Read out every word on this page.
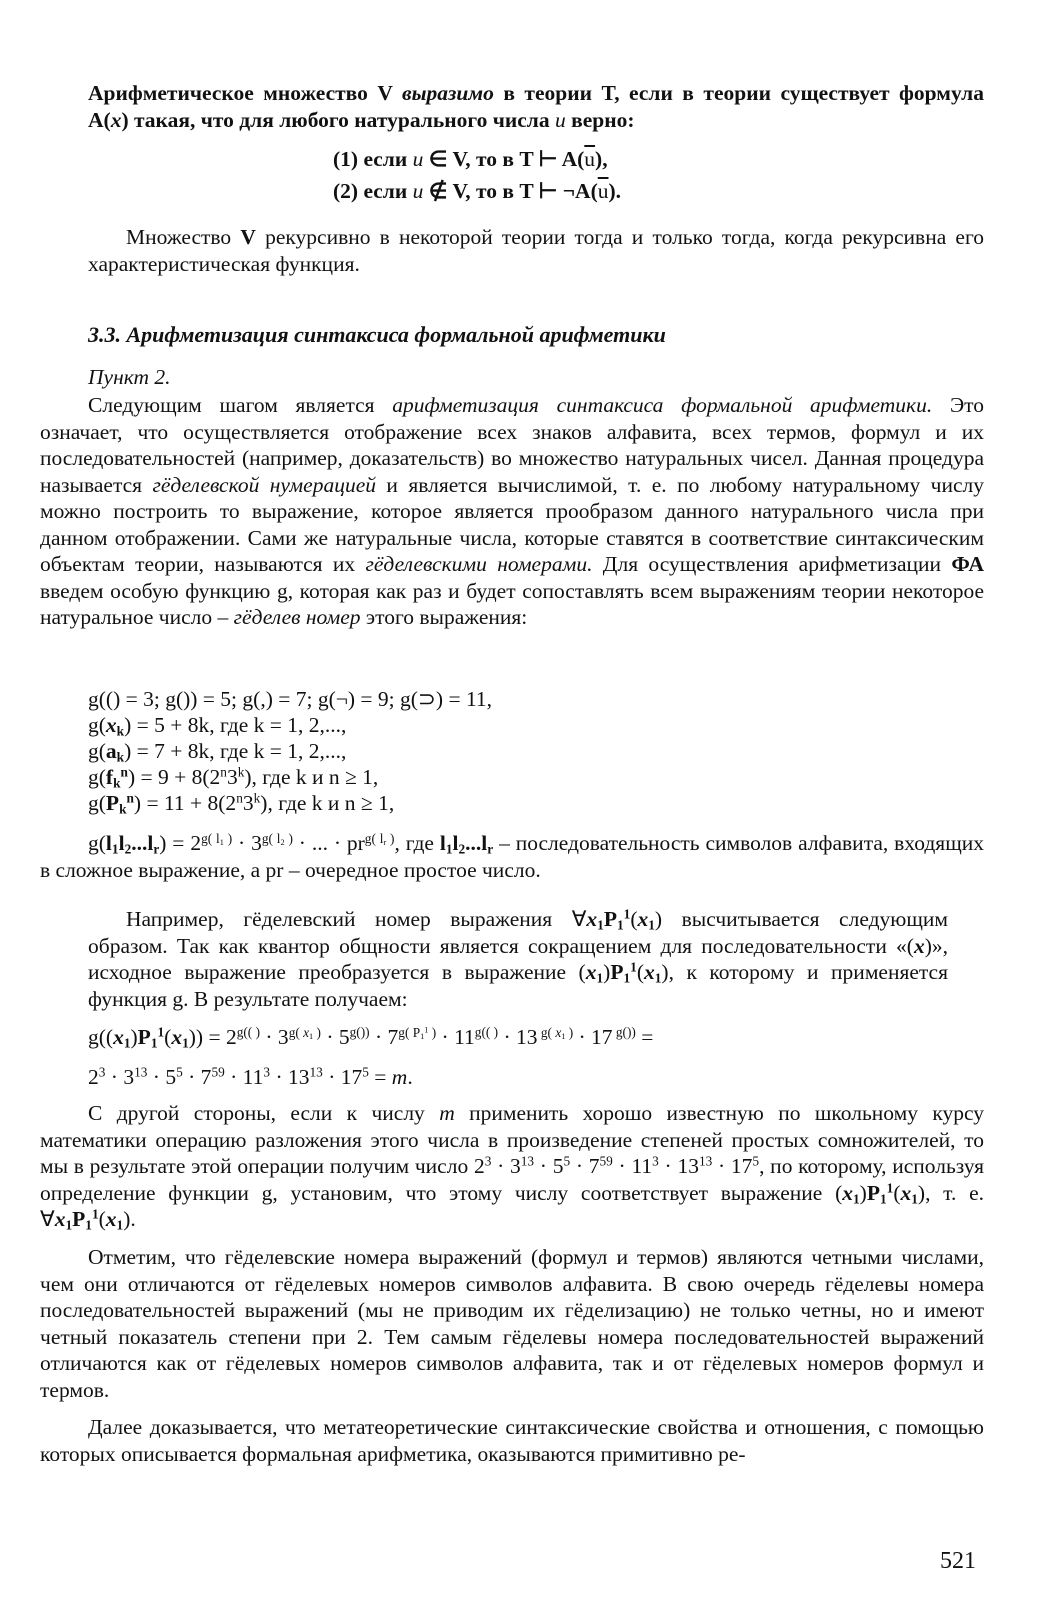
Арифметическое множество V выразимо в теории T, если в теории существует формула A(x) такая, что для любого натурального числа u верно:

(1) если u ∈ V, то в T ⊢ $A(\overline{u})$,
(2) если u ∉ V, то в T ⊢ $\neg A(\overline{u})$.

Множество V рекурсивно в некоторой теории тогда и только тогда, когда рекурсивна его характеристическая функция.

3.3. Арифметизация синтаксиса формальной арифметики
Пункт 2.

Следующим шагом является арифметизация синтаксиса формальной арифметики. Это означает, что осуществляется отображение всех знаков алфавита, всех термов, формул и их последовательностей (например, доказательств) во множество натуральных чисел. Данная процедура называется гёделевской нумерацией и является вычислимой, т. е. по любому натуральному числу можно построить то выражение, которое является прообразом данного натурального числа при данном отображении. Сами же натуральные числа, которые ставятся в соответствие синтаксическим объектам теории, называются их гёделевскими номерами. Для осуществления арифметизации ФА введем особую функцию g, которая как раз и будет сопоставлять всем выражениям теории некоторое натуральное число – гёделев номер этого выражения:

g(() = 3; g()) = 5; g(,) = 7; g(¬) = 9; g(⊃) = 11,
$g(x_k) = 5 + 8k$, где k = 1, 2,...,
$g(a_k) = 7 + 8k$, где k = 1, 2,...,
$g(f_k^n) = 9 + 8(2^n3^k)$, где k и n ≥ 1,
$g(P_k^n) = 11 + 8(2^n3^k)$, где k и n ≥ 1,

$g(l_1l_2...l_r) = 2^{g( l_1 )} \cdot 3^{g( l_2 )}$ · ... · $pr^{g( l_r )}$, где $l_1l_2...l_r$ – последовательность символов алфавита, входящих в сложное выражение, а pr – очередное простое число.

Например, гёделевский номер выражения $\forall x_1P_1^1(x_1)$ высчитывается следующим образом. Так как квантор общности является сокращением для последовательности «(x)», исходное выражение преобразуется в выражение $(x_1)P_1^1(x_1)$, к которому и применяется функция g. В результате получаем:

$g((x_1)P_1^1(x_1)) = 2^{g(( )} \cdot 3^{g( x_1 )} \cdot 5^{g())} \cdot 7^{g( P_1^1 )} \cdot 11^{g(( )} \cdot 13$ $^{g( x_1 )}$ · 17 $^{g())}$ =
$2^3 \cdot 3^{13} \cdot 5^5 \cdot 7^{59} \cdot 11^3 \cdot 13^{13} \cdot 17^5 = m$.

С другой стороны, если к числу m применить хорошо известную по школьному курсу математики операцию разложения этого числа в произведение степеней простых сомножителей, то мы в результате этой операции получим число $2^3 \cdot 3^{13} \cdot 5^5 \cdot 7^{59} \cdot 11^3 \cdot 13^{13} \cdot 17^5$, по которому, используя определение функции g, установим, что этому числу соответствует выражение $(x_1)P_1^1(x_1)$, т. е. $\forall x_1P_1^1(x_1)$.

Отметим, что гёделевские номера выражений (формул и термов) являются четными числами, чем они отличаются от гёделевых номеров символов алфавита. В свою очередь гёделевы номера последовательностей выражений (мы не приводим их гёделизацию) не только четны, но и имеют четный показатель степени при 2. Тем самым гёделевы номера последовательностей выражений отличаются как от гёделевых номеров символов алфавита, так и от гёделевых номеров формул и термов.

Далее доказывается, что метатеоретические синтаксические свойства и отношения, с помощью которых описывается формальная арифметика, оказываются примитивно ре-

521
